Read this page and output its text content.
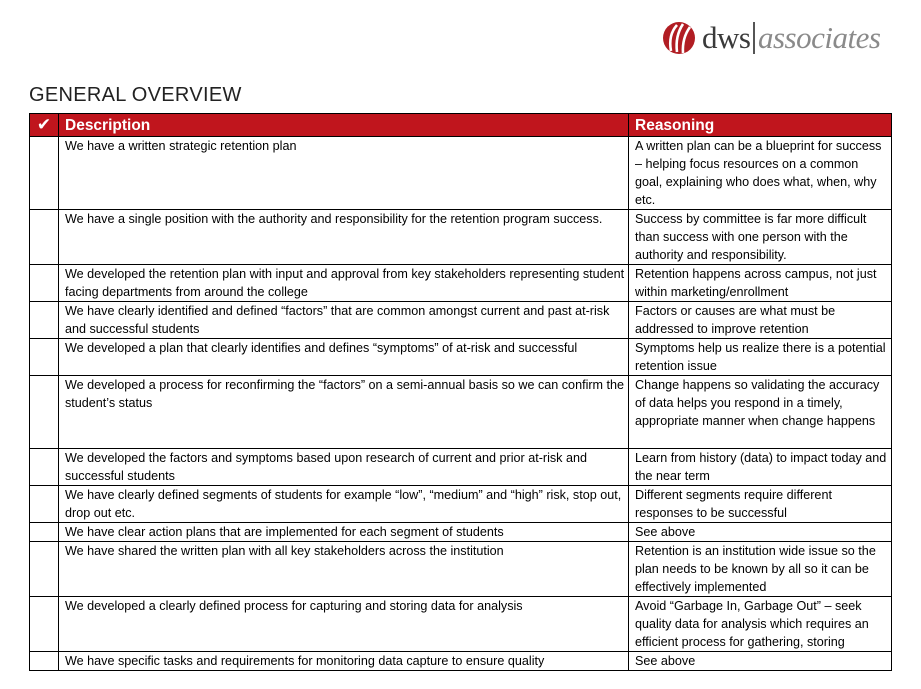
dws associates
GENERAL OVERVIEW
✔	Description	Reasoning
	We have a written strategic retention plan	A written plan can be a blueprint for success – helping focus resources on a common goal, explaining who does what, when, why etc.
	We have a single position with the authority and responsibility for the retention program success.	Success by committee is far more difficult than success with one person with the authority and responsibility.
	We developed the retention plan with input and approval from key stakeholders representing student facing departments from around the college	Retention happens across campus, not just within marketing/enrollment
	We have clearly identified and defined “factors” that are common amongst current and past at-risk and successful students	Factors or causes are what must be addressed to improve retention
	We developed a plan that clearly identifies and defines “symptoms” of at-risk and successful	Symptoms help us realize there is a potential retention issue
	We developed a process for reconfirming the “factors” on a semi-annual basis so we can confirm the student’s status	Change happens so validating the accuracy of data helps you respond in a timely, appropriate manner when change happens
	We developed the factors and symptoms based upon research of current and prior at-risk and successful students	Learn from history (data) to impact today and the near term
	We have clearly defined segments of students for example “low”, “medium” and “high” risk, stop out, drop out etc.	Different segments require different responses to be successful
	We have clear action plans that are implemented for each segment of students	See above
	We have shared the written plan with all key stakeholders across the institution	Retention is an institution wide issue so the plan needs to be known by all so it can be effectively implemented
	We developed a clearly defined process for capturing and storing data for analysis	Avoid “Garbage In, Garbage Out” – seek quality data for analysis which requires an efficient process for gathering, storing
	We have specific tasks and requirements for monitoring data capture to ensure quality	See above
